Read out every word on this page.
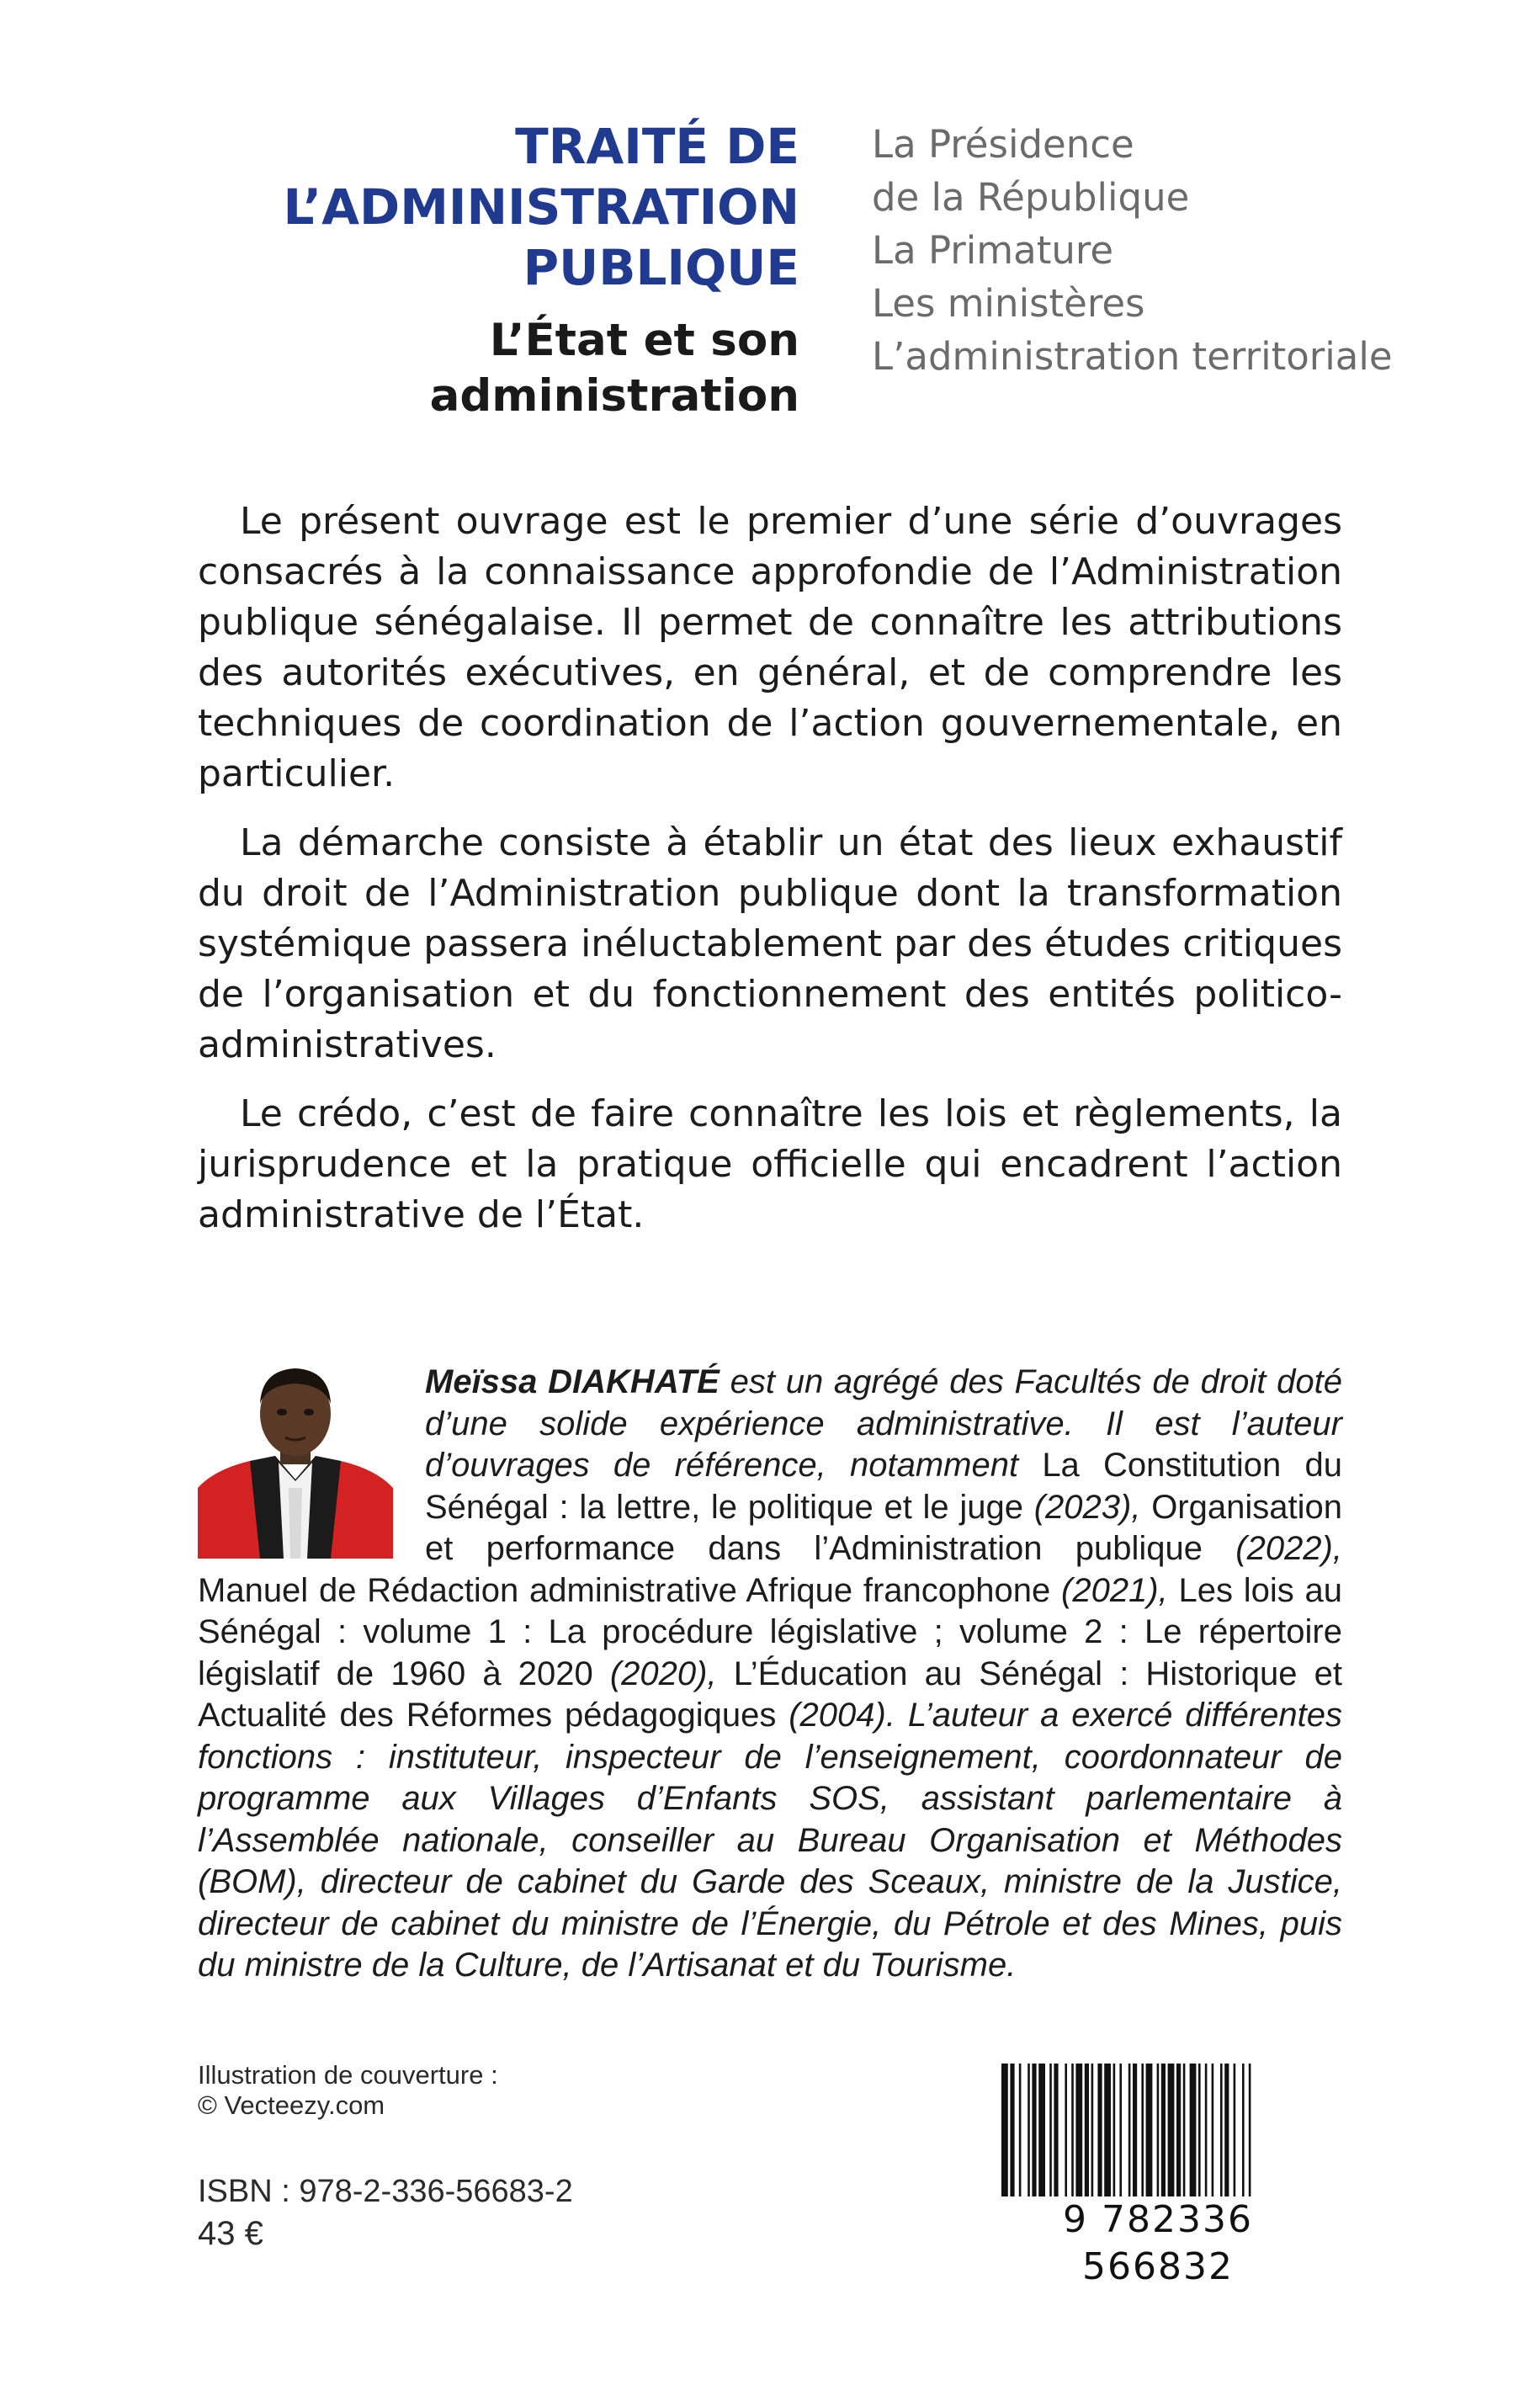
TRAITÉ DE
L’ADMINISTRATION
PUBLIQUE
L’État et son administration
La Présidence
de la République
La Primature
Les ministères
L’administration territoriale

Le présent ouvrage est le premier d’une série d’ouvrages consacrés à la connaissance approfondie de l’Administration publique sénégalaise. Il permet de connaître les attributions des autorités exécutives, en général, et de comprendre les techniques de coordination de l’action gouvernementale, en particulier.

La démarche consiste à établir un état des lieux exhaustif du droit de l’Administration publique dont la transformation systémique passera inéluctablement par des études critiques de l’organisation et du fonctionnement des entités politico-administratives.

Le crédo, c’est de faire connaître les lois et règlements, la jurisprudence et la pratique officielle qui encadrent l’action administrative de l’État.

Meïssa DIAKHATÉ est un agrégé des Facultés de droit doté d’une solide expérience administrative. Il est l’auteur d’ouvrages de référence, notamment La Constitution du Sénégal : la lettre, le politique et le juge (2023), Organisation et performance dans l’Administration publique (2022), Manuel de Rédaction administrative Afrique francophone (2021), Les lois au Sénégal : volume 1 : La procédure législative ; volume 2 : Le répertoire législatif de 1960 à 2020 (2020), L’Éducation au Sénégal : Historique et Actualité des Réformes pédagogiques (2004). L’auteur a exercé différentes fonctions : instituteur, inspecteur de l’enseignement, coordonnateur de programme aux Villages d’Enfants SOS, assistant parlementaire à l’Assemblée nationale, conseiller au Bureau Organisation et Méthodes (BOM), directeur de cabinet du Garde des Sceaux, ministre de la Justice, directeur de cabinet du ministre de l’Énergie, du Pétrole et des Mines, puis du ministre de la Culture, de l’Artisanat et du Tourisme.

Illustration de couverture :
© Vecteezy.com
ISBN : 978-2-336-56683-2
43 €	9 782336 566832
